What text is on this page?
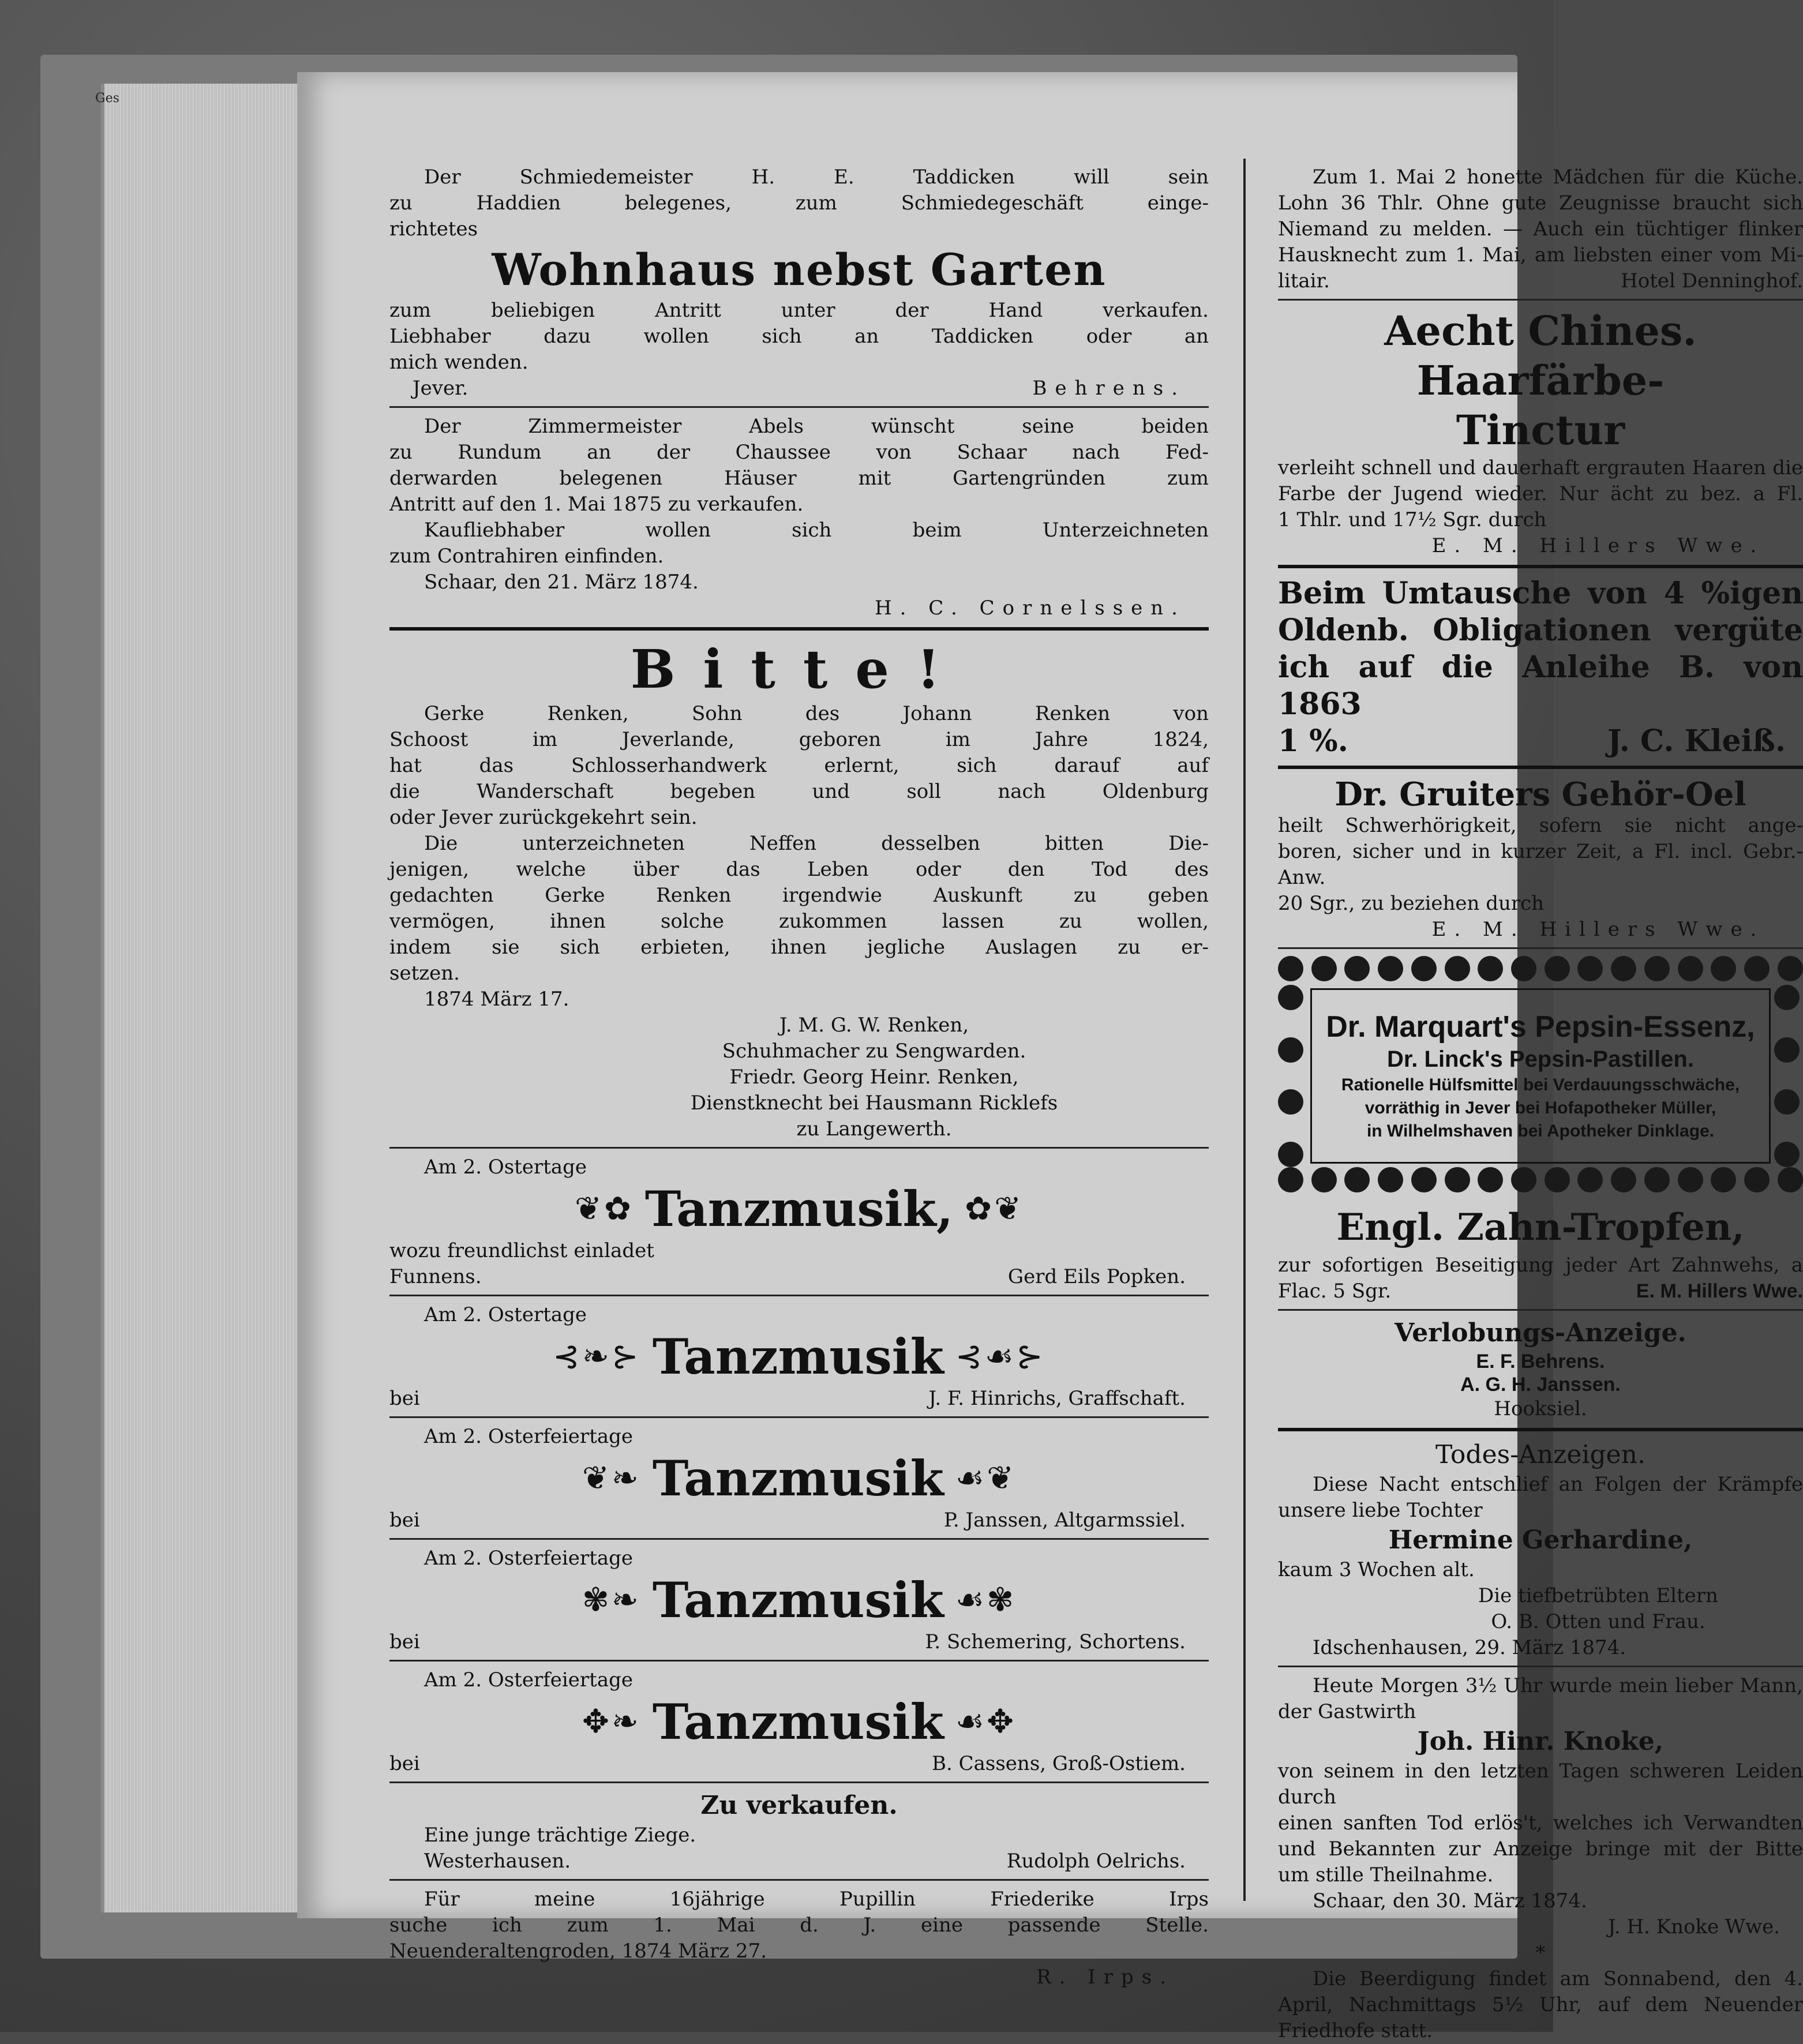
Ges
Der Schmiedemeister H. E. Taddicken will sein
zu Haddien belegenes, zum Schmiedegeschäft einge-
richtetes
Wohnhaus nebst Garten
zum beliebigen Antritt unter der Hand verkaufen.
Liebhaber dazu wollen sich an Taddicken oder an
mich wenden.
Jever.	Behrens.
Der Zimmermeister Abels wünscht seine beiden
zu Rundum an der Chaussee von Schaar nach Fed-
derwarden belegenen Häuser mit Gartengründen zum
Antritt auf den 1. Mai 1875 zu verkaufen.
Kaufliebhaber wollen sich beim Unterzeichneten
zum Contrahiren einfinden.
Schaar, den 21. März 1874.
H. C. Cornelssen.
Bitte!
Gerke Renken, Sohn des Johann Renken von
Schoost im Jeverlande, geboren im Jahre 1824,
hat das Schlosserhandwerk erlernt, sich darauf auf
die Wanderschaft begeben und soll nach Oldenburg
oder Jever zurückgekehrt sein.
Die unterzeichneten Neffen desselben bitten Die-
jenigen, welche über das Leben oder den Tod des
gedachten Gerke Renken irgendwie Auskunft zu geben
vermögen, ihnen solche zukommen lassen zu wollen,
indem sie sich erbieten, ihnen jegliche Auslagen zu er-
setzen.
1874 März 17.
J. M. G. W. Renken,
Schuhmacher zu Sengwarden.
Friedr. Georg Heinr. Renken,
Dienstknecht bei Hausmann Ricklefs
zu Langewerth.
Am 2. Ostertage
❦✿ Tanzmusik, ✿❦
wozu freundlichst einladet
Funnens.	Gerd Eils Popken.
Am 2. Ostertage
⊰❧⊱ Tanzmusik ⊰☙⊱
bei	J. F. Hinrichs, Graffschaft.
Am 2. Osterfeiertage
❦❧ Tanzmusik ☙❦
bei	P. Janssen, Altgarmssiel.
Am 2. Osterfeiertage
✾❧ Tanzmusik ☙✾
bei	P. Schemering, Schortens.
Am 2. Osterfeiertage
✥❧ Tanzmusik ☙✥
bei	B. Cassens, Groß-Ostiem.
Zu verkaufen.
Eine junge trächtige Ziege.
Westerhausen.	Rudolph Oelrichs.
Für meine 16jährige Pupillin Friederike Irps
suche ich zum 1. Mai d. J. eine passende Stelle.
Neuenderaltengroden, 1874 März 27.
R. Irps.
Zum 1. Mai 2 honette Mädchen für die Küche.
Lohn 36 Thlr. Ohne gute Zeugnisse braucht sich
Niemand zu melden. — Auch ein tüchtiger flinker
Hausknecht zum 1. Mai, am liebsten einer vom Mi-
litair.	Hotel Denninghof.
Aecht Chines. Haarfärbe-
Tinctur
verleiht schnell und dauerhaft ergrauten Haaren die
Farbe der Jugend wieder. Nur ächt zu bez. a Fl.
1 Thlr. und 17½ Sgr. durch
E. M. Hillers Wwe.
Beim Umtausche von 4 %igen
Oldenb. Obligationen vergüte
ich auf die Anleihe B. von 1863
1 %.	J. C. Kleiß.
Dr. Gruiters Gehör-Oel
heilt Schwerhörigkeit, sofern sie nicht ange-
boren, sicher und in kurzer Zeit, a Fl. incl. Gebr.-Anw.
20 Sgr., zu beziehen durch
E. M. Hillers Wwe.
Dr. Marquart's Pepsin-Essenz,
Dr. Linck's Pepsin-Pastillen.
Rationelle Hülfsmittel bei Verdauungsschwäche,
vorräthig in Jever bei Hofapotheker Müller,
in Wilhelmshaven bei Apotheker Dinklage.
Engl. Zahn-Tropfen,
zur sofortigen Beseitigung jeder Art Zahnwehs, a
Flac. 5 Sgr.	E. M. Hillers Wwe.
Verlobungs-Anzeige.
E. F. Behrens.
A. G. H. Janssen.
Hooksiel.
Todes-Anzeigen.
Diese Nacht entschlief an Folgen der Krämpfe
unsere liebe Tochter
Hermine Gerhardine,
kaum 3 Wochen alt.
Die tiefbetrübten Eltern
O. B. Otten und Frau.
Idschenhausen, 29. März 1874.
Heute Morgen 3½ Uhr wurde mein lieber Mann,
der Gastwirth
Joh. Hinr. Knoke,
von seinem in den letzten Tagen schweren Leiden durch
einen sanften Tod erlös't, welches ich Verwandten
und Bekannten zur Anzeige bringe mit der Bitte
um stille Theilnahme.
Schaar, den 30. März 1874.
J. H. Knoke Wwe.
*
Die Beerdigung findet am Sonnabend, den 4.
April, Nachmittags 5½ Uhr, auf dem Neuender
Friedhofe statt.
